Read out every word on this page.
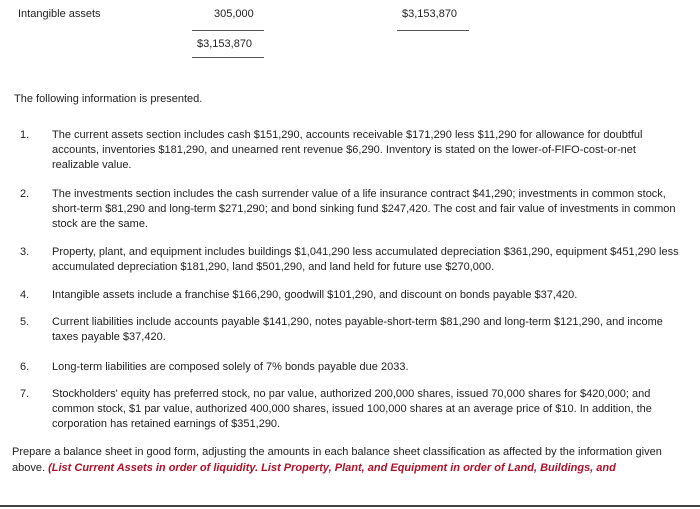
Intangible assets	305,000	$3,153,870
$3,153,870
The following information is presented.
1. The current assets section includes cash $151,290, accounts receivable $171,290 less $11,290 for allowance for doubtful accounts, inventories $181,290, and unearned rent revenue $6,290. Inventory is stated on the lower-of-FIFO-cost-or-net realizable value.
2. The investments section includes the cash surrender value of a life insurance contract $41,290; investments in common stock, short-term $81,290 and long-term $271,290; and bond sinking fund $247,420. The cost and fair value of investments in common stock are the same.
3. Property, plant, and equipment includes buildings $1,041,290 less accumulated depreciation $361,290, equipment $451,290 less accumulated depreciation $181,290, land $501,290, and land held for future use $270,000.
4. Intangible assets include a franchise $166,290, goodwill $101,290, and discount on bonds payable $37,420.
5. Current liabilities include accounts payable $141,290, notes payable-short-term $81,290 and long-term $121,290, and income taxes payable $37,420.
6. Long-term liabilities are composed solely of 7% bonds payable due 2033.
7. Stockholders' equity has preferred stock, no par value, authorized 200,000 shares, issued 70,000 shares for $420,000; and common stock, $1 par value, authorized 400,000 shares, issued 100,000 shares at an average price of $10. In addition, the corporation has retained earnings of $351,290.
Prepare a balance sheet in good form, adjusting the amounts in each balance sheet classification as affected by the information given above. (List Current Assets in order of liquidity. List Property, Plant, and Equipment in order of Land, Buildings, and
